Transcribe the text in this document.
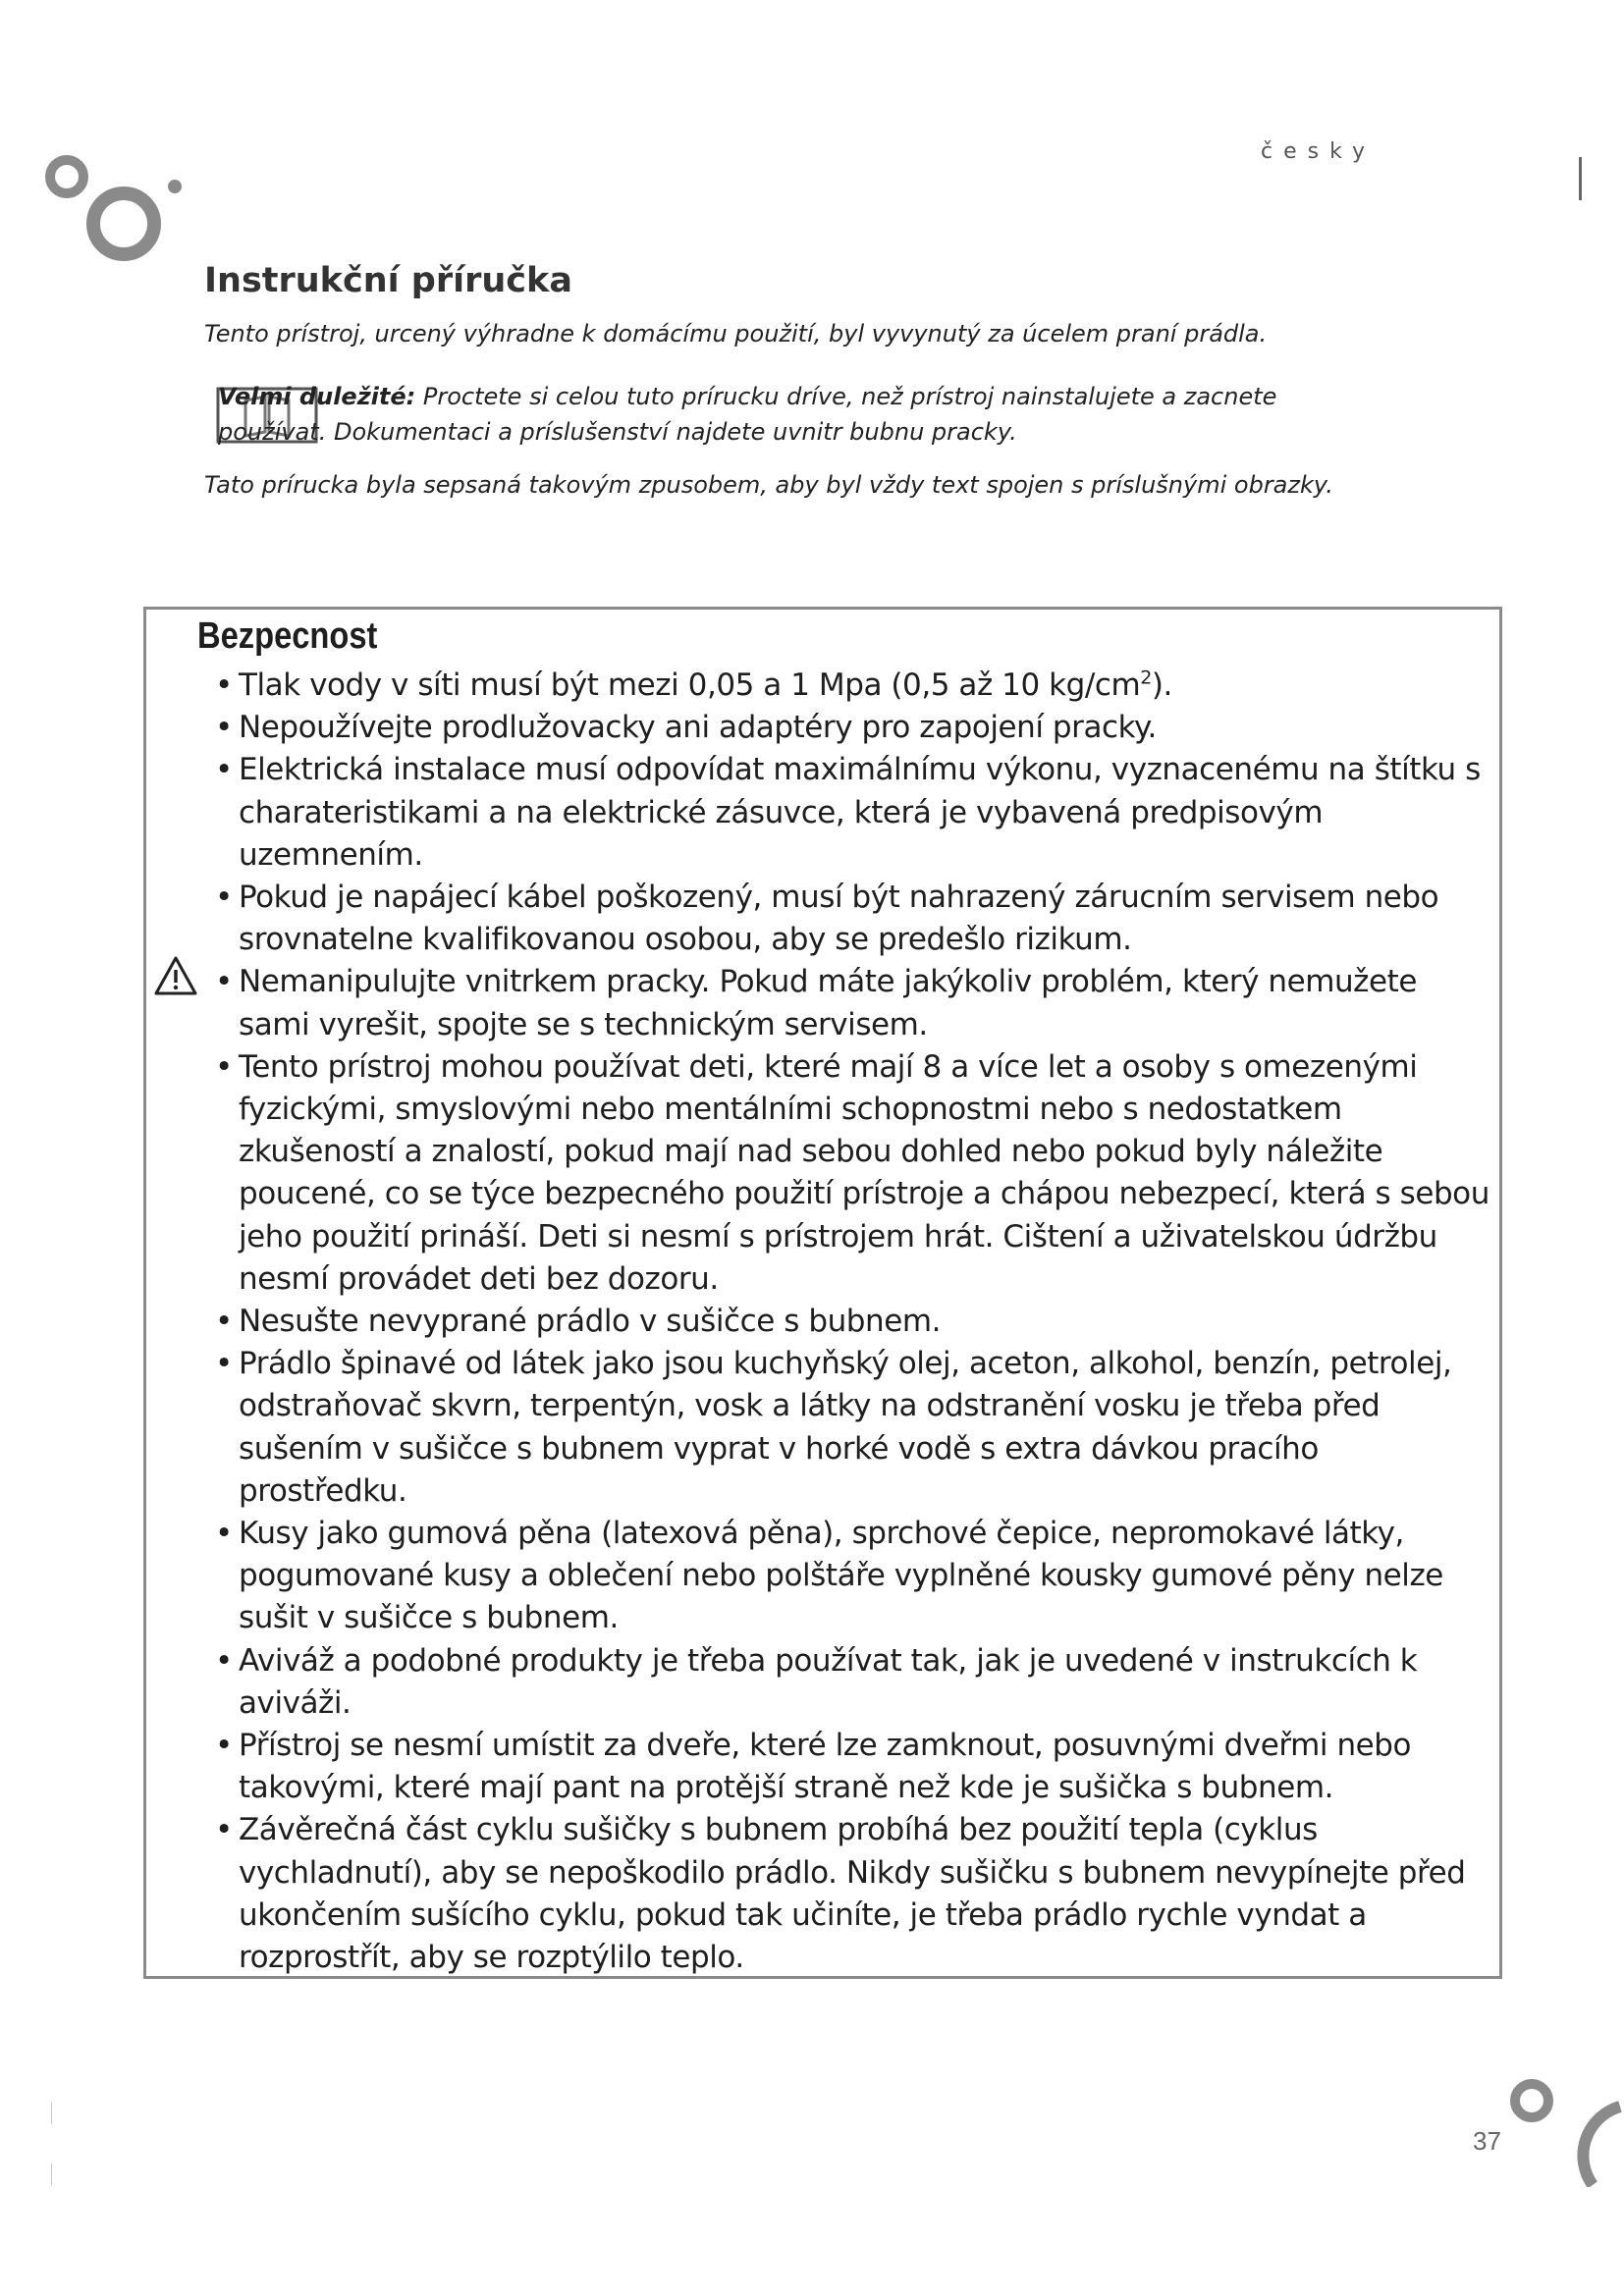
česky
Instrukční příručka

Tento prístroj, urcený výhradne k domácímu použití, byl vyvynutý za úcelem praní prádla.

Velmi duležité: Proctete si celou tuto prírucku dríve, než prístroj nainstalujete a zacnete používat. Dokumentaci a príslušenství najdete uvnitr bubnu pracky.

Tato prírucka byla sepsaná takovým zpusobem, aby byl vždy text spojen s príslušnými obrazky.

Bezpecnost
• Tlak vody v síti musí být mezi 0,05 a 1 Mpa (0,5 až 10 $kg/cm^2$).
• Nepoužívejte prodlužovacky ani adaptéry pro zapojení pracky.
• Elektrická instalace musí odpovídat maximálnímu výkonu, vyznacenému na štítku s charateristikami a na elektrické zásuvce, která je vybavená predpisovým uzemnením.
• Pokud je napájecí kábel poškozený, musí být nahrazený zárucním servisem nebo srovnatelne kvalifikovanou osobou, aby se predešlo rizikum.
• Nemanipulujte vnitrkem pracky. Pokud máte jakýkoliv problém, který nemužete sami vyrešit, spojte se s technickým servisem.
• Tento prístroj mohou používat deti, které mají 8 a více let a osoby s omezenými fyzickými, smyslovými nebo mentálními schopnostmi nebo s nedostatkem zkušeností a znalostí, pokud mají nad sebou dohled nebo pokud byly náležite poucené, co se týce bezpecného použití prístroje a chápou nebezpecí, která s sebou jeho použití prináší. Deti si nesmí s prístrojem hrát. Cištení a uživatelskou údržbu nesmí provádet deti bez dozoru.
• Nesušte nevyprané prádlo v sušičce s bubnem.
• Prádlo špinavé od látek jako jsou kuchyňský olej, aceton, alkohol, benzín, petrolej, odstraňovač skvrn, terpentýn, vosk a látky na odstranění vosku je třeba před sušením v sušičce s bubnem vyprat v horké vodě s extra dávkou pracího prostředku.
• Kusy jako gumová pěna (latexová pěna), sprchové čepice, nepromokavé látky, pogumované kusy a oblečení nebo polštáře vyplněné kousky gumové pěny nelze sušit v sušičce s bubnem.
• Aviváž a podobné produkty je třeba používat tak, jak je uvedené v instrukcích k aviváži.
• Přístroj se nesmí umístit za dveře, které lze zamknout, posuvnými dveřmi nebo takovými, které mají pant na protější straně než kde je sušička s bubnem.
• Závěrečná část cyklu sušičky s bubnem probíhá bez použití tepla (cyklus vychladnutí), aby se nepoškodilo prádlo. Nikdy sušičku s bubnem nevypínejte před ukončením sušícího cyklu, pokud tak učiníte, je třeba prádlo rychle vyndat a rozprostřít, aby se rozptýlilo teplo.
37
